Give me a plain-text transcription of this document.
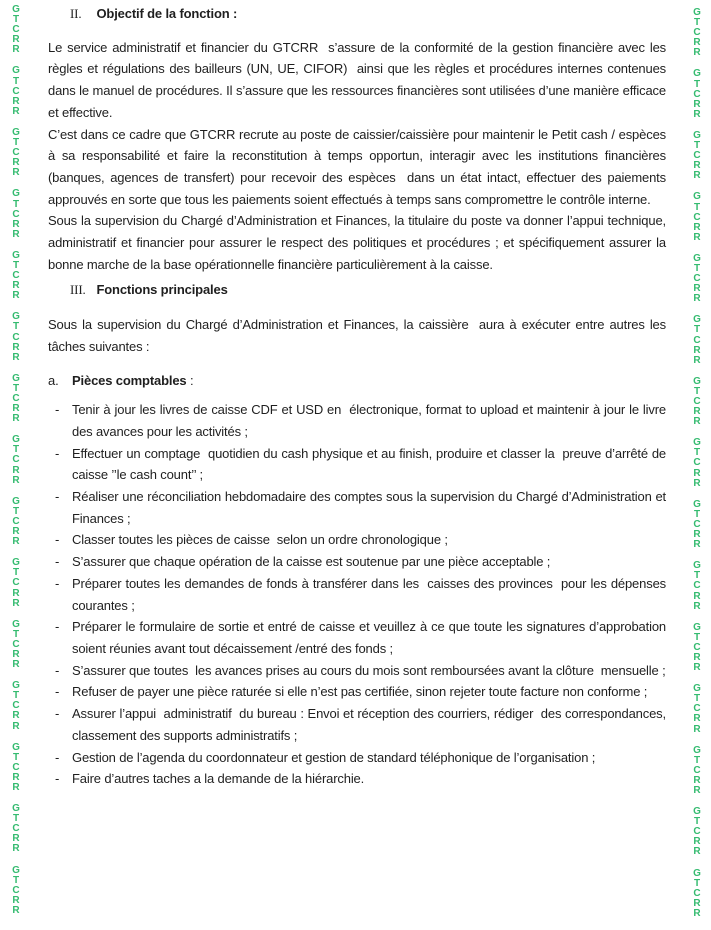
G
T
C
R
R
G
T
C
R
R
G
T
C
R
R
G
T
C
R
R
G
T
C
R
R
G
T
C
R
R
G
T
C
R
R
G
T
C
R
R
G
T
C
R
R
G
T
C
R
R
G
T
C
R
R
G
T
C
R
R
G
T
C
R
R
G
T
C
R
R
G
T
C
R
R
G
T
C
R
R
G
T
C
R
R
G
T
C
R
R
G
T
C
R
R
G
T
C
R
R
G
T
C
R
R
G
T
C
R
R
G
T
C
R
R
G
T
C
R
R
G
T
C
R
R
G
T
C
R
R
G
T
C
R
R
G
T
C
R
R
G
T
C
R
R
G
T
C
R
R
II. Objectif de la fonction :

Le service administratif et financier du GTCRR  s’assure de la conformité de la gestion financière avec les règles et régulations des bailleurs (UN, UE, CIFOR)  ainsi que les règles et procédures internes contenues dans le manuel de procédures. Il s’assure que les ressources financières sont utilisées d’une manière efficace et effective.

C’est dans ce cadre que GTCRR recrute au poste de caissier/caissière pour maintenir le Petit cash / espèces à sa responsabilité et faire la reconstitution à temps opportun, interagir avec les institutions financières (banques, agences de transfert) pour recevoir des espèces  dans un état intact, effectuer des paiements approuvés en sorte que tous les paiements soient effectués à temps sans compromettre le contrôle interne.

Sous la supervision du Chargé d’Administration et Finances, la titulaire du poste va donner l’appui technique, administratif et financier pour assurer le respect des politiques et procédures ; et spécifiquement assurer la bonne marche de la base opérationnelle financière particulièrement à la caisse.

III. Fonctions principales

Sous la supervision du Chargé d’Administration et Finances, la caissière  aura à exécuter entre autres les tâches suivantes :

a. Pièces comptables :
- Tenir à jour les livres de caisse CDF et USD en  électronique, format to upload et maintenir à jour le livre des avances pour les activités ;
- Effectuer un comptage  quotidien du cash physique et au finish, produire et classer la  preuve d’arrêté de caisse ’’le cash count’’ ;
- Réaliser une réconciliation hebdomadaire des comptes sous la supervision du Chargé d’Administration et Finances ;
- Classer toutes les pièces de caisse  selon un ordre chronologique ;
- S’assurer que chaque opération de la caisse est soutenue par une pièce acceptable ;
- Préparer toutes les demandes de fonds à transférer dans les  caisses des provinces  pour les dépenses courantes ;
- Préparer le formulaire de sortie et entré de caisse et veuillez à ce que toute les signatures d’approbation soient réunies avant tout décaissement /entré des fonds ;
- S’assurer que toutes  les avances prises au cours du mois sont remboursées avant la clôture  mensuelle ;
- Refuser de payer une pièce raturée si elle n’est pas certifiée, sinon rejeter toute facture non conforme ;
- Assurer l’appui  administratif  du bureau : Envoi et réception des courriers, rédiger  des correspondances, classement des supports administratifs ;
- Gestion de l’agenda du coordonnateur et gestion de standard téléphonique de l’organisation ;
- Faire d’autres taches a la demande de la hiérarchie.
